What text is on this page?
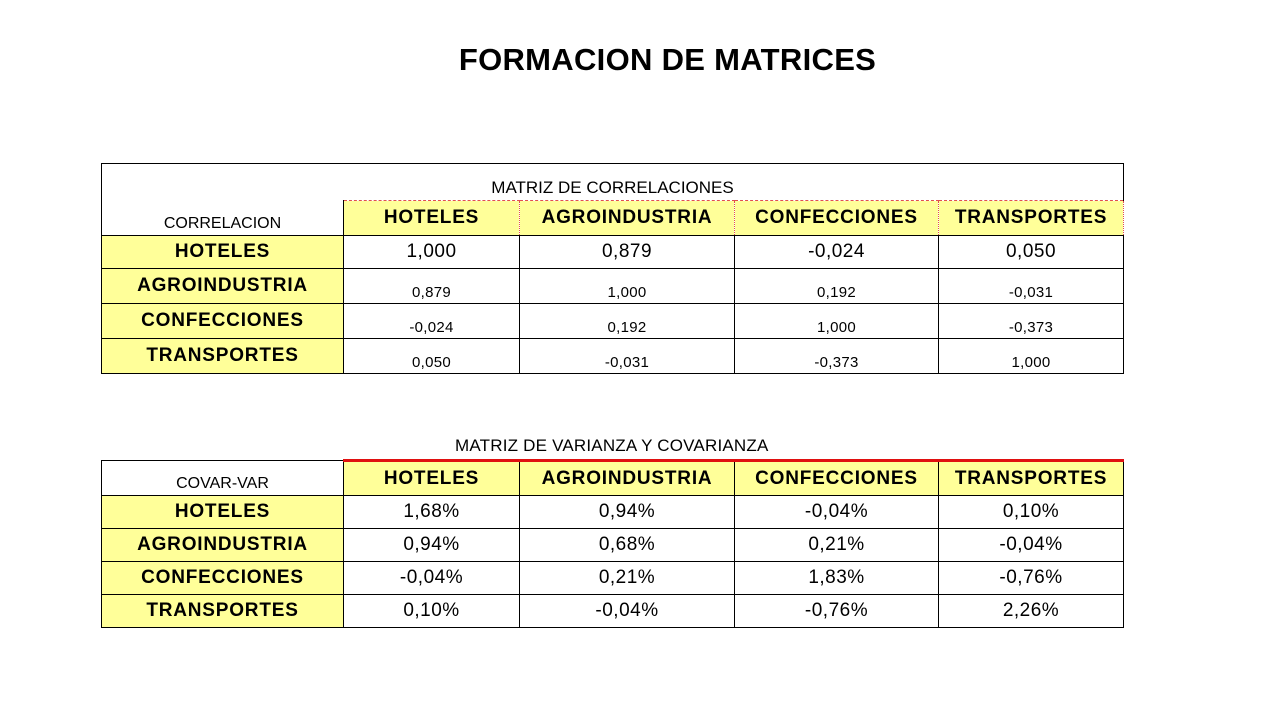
FORMACION DE MATRICES
MATRIZ DE CORRELACIONES				
CORRELACION	HOTELES	AGROINDUSTRIA	CONFECCIONES	TRANSPORTES
HOTELES	1,000	0,879	-0,024	0,050
AGROINDUSTRIA	0,879	1,000	0,192	-0,031
CONFECCIONES	-0,024	0,192	1,000	-0,373
TRANSPORTES	0,050	-0,031	-0,373	1,000
MATRIZ DE VARIANZA Y COVARIANZA
COVAR-VAR	HOTELES	AGROINDUSTRIA	CONFECCIONES	TRANSPORTES
HOTELES	1,68%	0,94%	-0,04%	0,10%
AGROINDUSTRIA	0,94%	0,68%	0,21%	-0,04%
CONFECCIONES	-0,04%	0,21%	1,83%	-0,76%
TRANSPORTES	0,10%	-0,04%	-0,76%	2,26%
